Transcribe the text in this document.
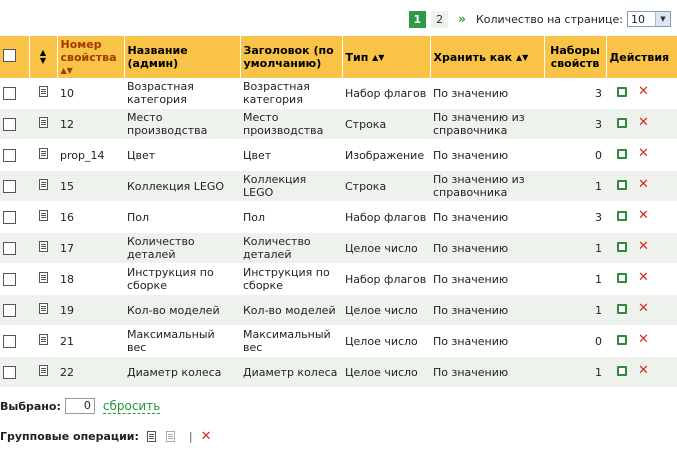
1	2	» Количество на странице: 10	▼
	▲
▼	Номер свойства ▲▼	Название (админ)	Заголовок (по умолчанию)	Тип ▲▼	Хранить как ▲▼	Наборы свойств	Действия
		10	Возрастная категория	Возрастная категория	Набор флагов	По значению	3	✕

		12	Место производства	Место производства	Строка	По значению из справочника	3	✕

		prop_14	Цвет	Цвет	Изображение	По значению	0	✕

		15	Коллекция LEGO	Коллекция LEGO	Строка	По значению из справочника	1	✕

		16	Пол	Пол	Набор флагов	По значению	3	✕

		17	Количество деталей	Количество деталей	Целое число	По значению	1	✕

		18	Инструкция по сборке	Инструкция по сборке	Набор флагов	По значению	1	✕

		19	Кол-во моделей	Кол-во моделей	Целое число	По значению	1	✕

		21	Максимальный вес	Максимальный вес	Целое число	По значению	0	✕

		22	Диаметр колеса	Диаметр колеса	Целое число	По значению	1	✕
Выбрано:	0	сбросить
Групповые операции:	| ✕
